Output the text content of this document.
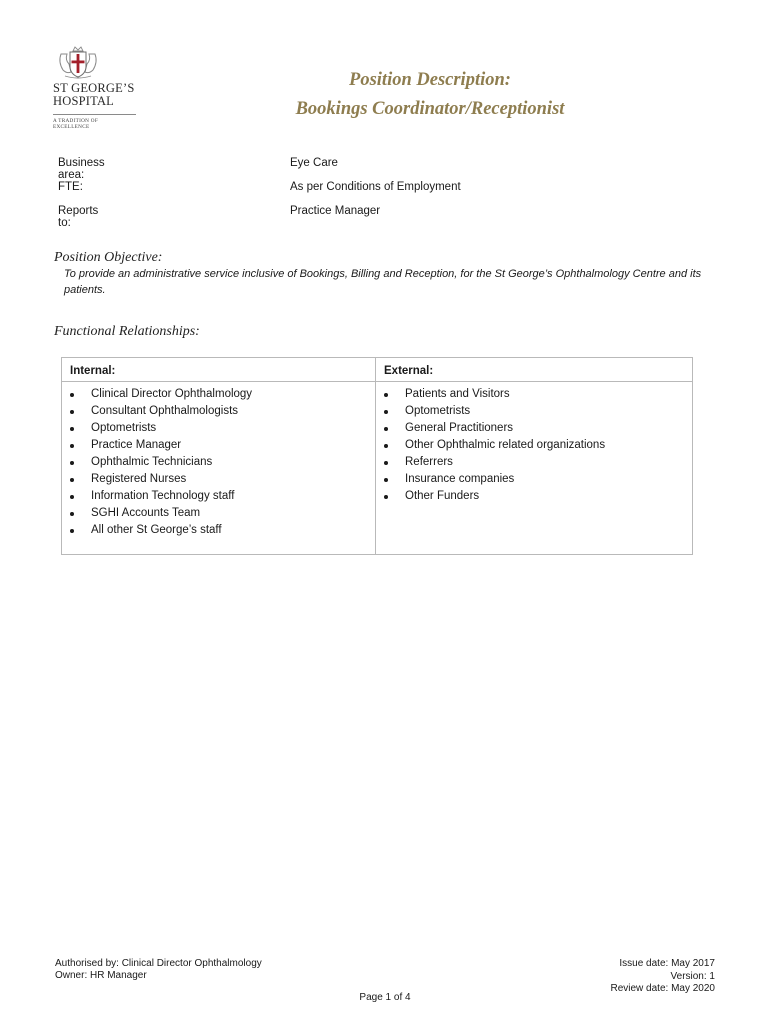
ST GEORGE’S
HOSPITAL
A TRADITION OF EXCELLENCE
Position Description:
Bookings Coordinator/Receptionist
Business area:
Eye Care
FTE:	As per Conditions of Employment
Reports to:
Practice Manager
Position Objective:
To provide an administrative service inclusive of Bookings, Billing and Reception, for the St George’s Ophthalmology Centre and its patients.
Functional Relationships:
Internal:
Clinical Director Ophthalmology
Consultant Ophthalmologists
Optometrists
Practice Manager
Ophthalmic Technicians
Registered Nurses
Information Technology staff
SGHI Accounts Team
All other St George’s staff
External:
Patients and Visitors
Optometrists
General Practitioners
Other Ophthalmic related organizations
Referrers
Insurance companies
Other Funders
Authorised by: Clinical Director Ophthalmology
Owner: HR Manager
Issue date: May 2017
Version: 1
Review date: May 2020
Page 1 of 4
